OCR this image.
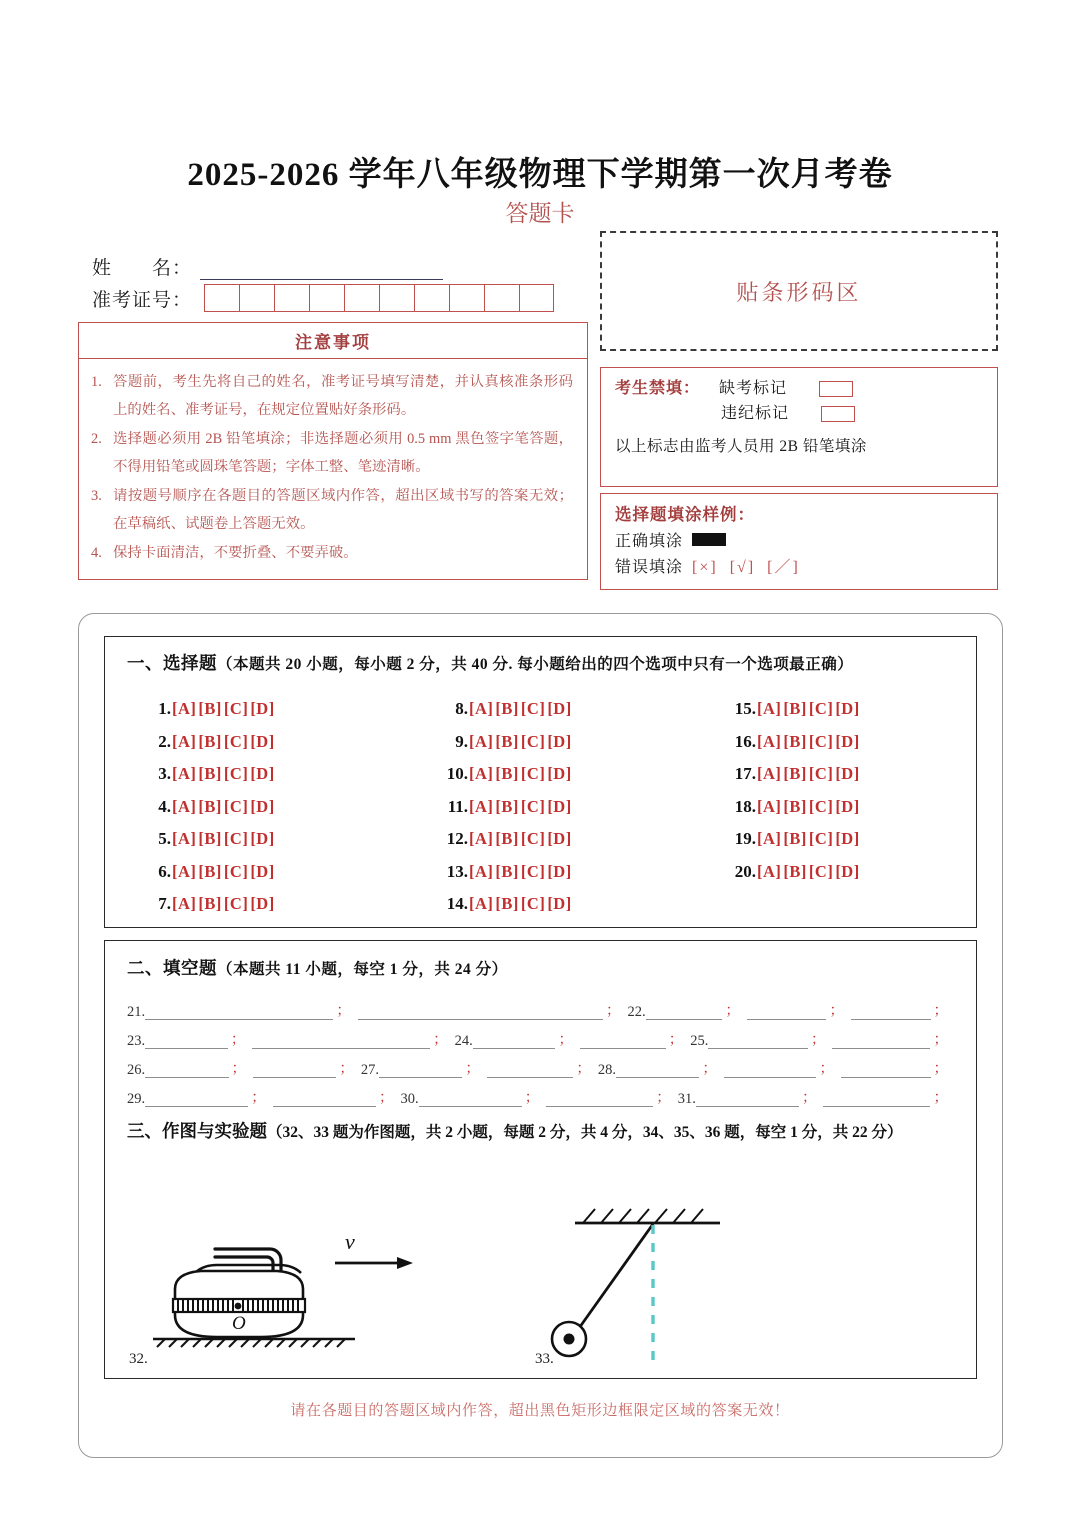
2025-2026 学年八年级物理下学期第一次月考卷
答题卡
姓　　名：
准考证号：
注意事项
1. 答题前，考生先将自己的姓名，准考证号填写清楚，并认真核准条形码上的姓名、准考证号，在规定位置贴好条形码。
2. 选择题必须用 2B 铅笔填涂；非选择题必须用 0.5 mm 黑色签字笔答题，不得用铅笔或圆珠笔答题；字体工整、笔迹清晰。
3. 请按题号顺序在各题目的答题区域内作答，超出区域书写的答案无效；在草稿纸、试题卷上答题无效。
4. 保持卡面清洁，不要折叠、不要弄破。
贴条形码区
考生禁填：	缺考标记
违纪标记
以上标志由监考人员用 2B 铅笔填涂
选择题填涂样例：
正确填涂
错误填涂 [×] [√] [／]
一、选择题（本题共 20 小题，每小题 2 分，共 40 分. 每小题给出的四个选项中只有一个选项最正确）
1. [A] [B] [C] [D]
2. [A] [B] [C] [D]
3. [A] [B] [C] [D]
4. [A] [B] [C] [D]
5. [A] [B] [C] [D]
6. [A] [B] [C] [D]
7. [A] [B] [C] [D]
8. [A] [B] [C] [D]
9. [A] [B] [C] [D]
10. [A] [B] [C] [D]
11. [A] [B] [C] [D]
12. [A] [B] [C] [D]
13. [A] [B] [C] [D]
14. [A] [B] [C] [D]
15. [A] [B] [C] [D]
16. [A] [B] [C] [D]
17. [A] [B] [C] [D]
18. [A] [B] [C] [D]
19. [A] [B] [C] [D]
20. [A] [B] [C] [D]
二、填空题（本题共 11 小题，每空 1 分，共 24 分）
21.	；	； 22.	；	；	；
23.	；	； 24.	；	； 25.	；	；
26.	；	； 27.	；	； 28.	；	；	；
29.	；	； 30.	；	； 31.	；	；
三、作图与实验题（32、33 题为作图题，共 2 小题，每题 2 分，共 4 分，34、35、36 题，每空 1 分，共 22 分）
O
v
32.	33.
请在各题目的答题区域内作答，超出黑色矩形边框限定区域的答案无效！
